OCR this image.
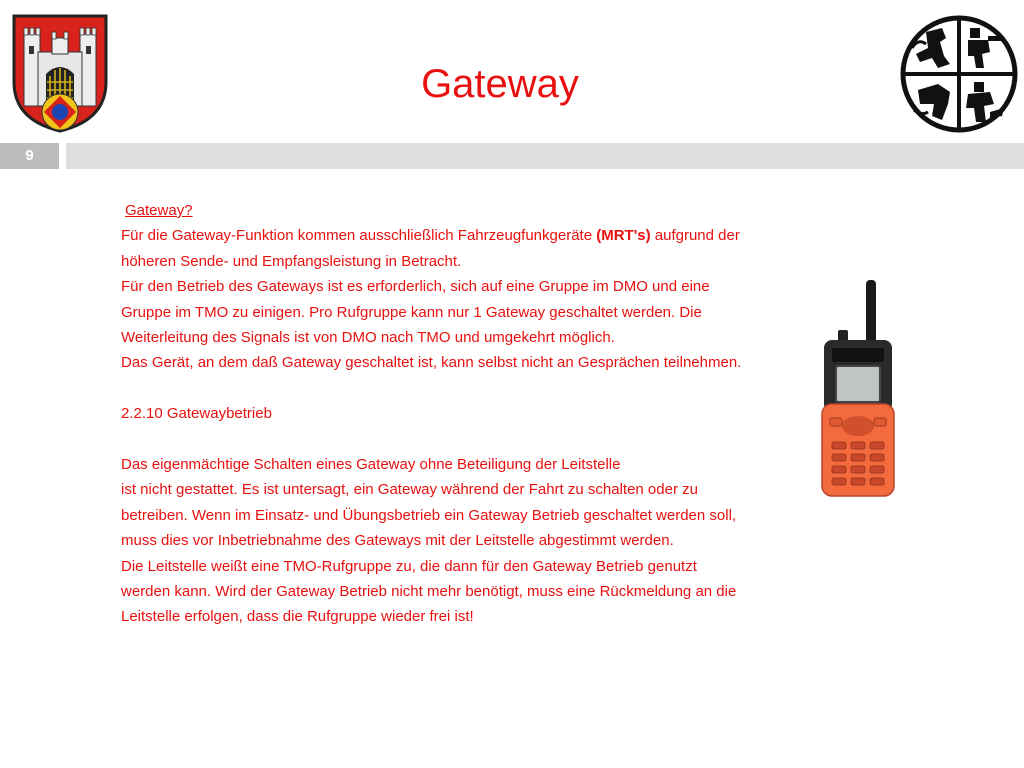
Gateway
9
Gateway?
Für die Gateway-Funktion kommen ausschließlich Fahrzeugfunkgeräte (MRT's) aufgrund der
höheren Sende- und Empfangsleistung in Betracht.
Für den Betrieb des Gateways ist es erforderlich, sich auf eine Gruppe im DMO und eine
Gruppe im TMO zu einigen. Pro Rufgruppe kann nur 1 Gateway geschaltet werden. Die
Weiterleitung des Signals ist von DMO nach TMO und umgekehrt möglich.
Das Gerät, an dem daß Gateway geschaltet ist, kann selbst nicht an Gesprächen teilnehmen.
2.2.10 Gatewaybetrieb
Das eigenmächtige Schalten eines Gateway ohne Beteiligung der Leitstelle
ist nicht gestattet. Es ist untersagt, ein Gateway während der Fahrt zu schalten oder zu
betreiben. Wenn im Einsatz- und Übungsbetrieb ein Gateway Betrieb geschaltet werden soll,
muss dies vor Inbetriebnahme des Gateways mit der Leitstelle abgestimmt werden.
Die Leitstelle weißt eine TMO-Rufgruppe zu, die dann für den Gateway Betrieb genutzt
werden kann. Wird der Gateway Betrieb nicht mehr benötigt, muss eine Rückmeldung an die
Leitstelle erfolgen, dass die Rufgruppe wieder frei ist!
